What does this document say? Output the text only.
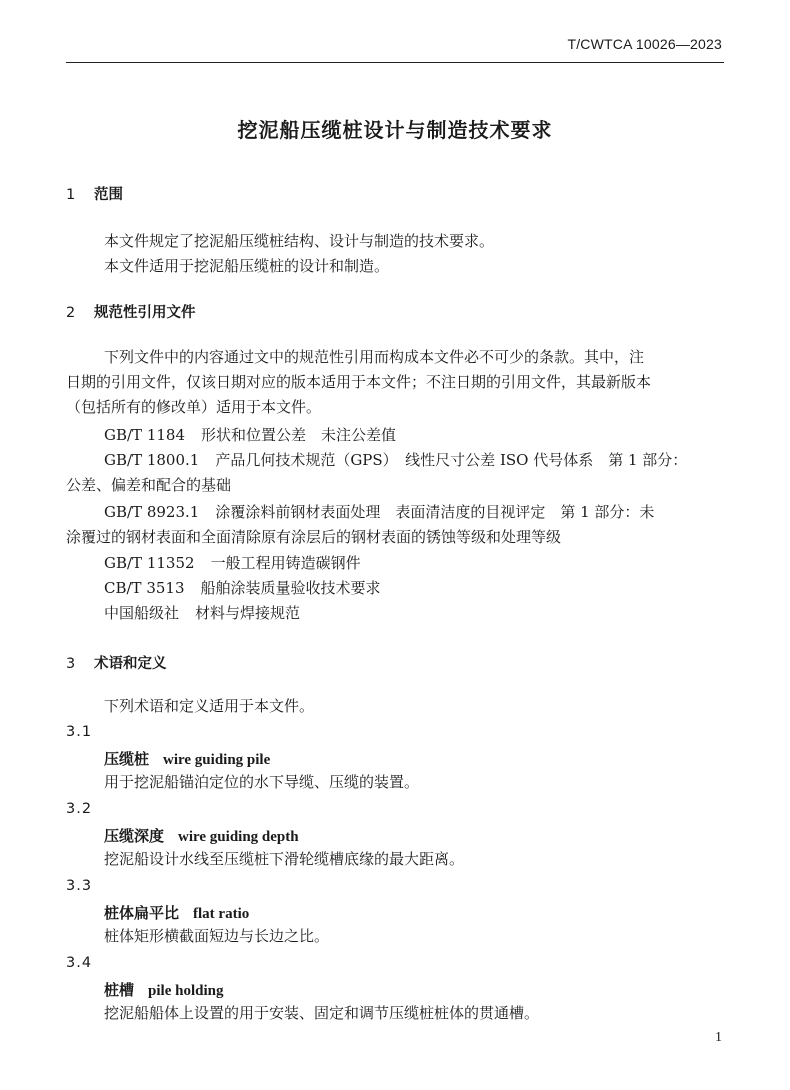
T/CWTCA 10026—2023
挖泥船压缆桩设计与制造技术要求
1 范围
本文件规定了挖泥船压缆桩结构、设计与制造的技术要求。
本文件适用于挖泥船压缆桩的设计和制造。
2 规范性引用文件
下列文件中的内容通过文中的规范性引用而构成本文件必不可少的条款。其中，注
日期的引用文件，仅该日期对应的版本适用于本文件；不注日期的引用文件，其最新版本
（包括所有的修改单）适用于本文件。
GB/T 1184 形状和位置公差　未注公差值
GB/T 1800.1 产品几何技术规范（GPS）　线性尺寸公差 ISO 代号体系　第 1 部分：
公差、偏差和配合的基础
GB/T 8923.1 涂覆涂料前钢材表面处理　表面清洁度的目视评定　第 1 部分：未
涂覆过的钢材表面和全面清除原有涂层后的钢材表面的锈蚀等级和处理等级
GB/T 11352 一般工程用铸造碳钢件
CB/T 3513 船舶涂装质量验收技术要求
中国船级社 材料与焊接规范
3 术语和定义
下列术语和定义适用于本文件。
3.1
压缆桩 wire guiding pile
用于挖泥船锚泊定位的水下导缆、压缆的装置。
3.2
压缆深度 wire guiding depth
挖泥船设计水线至压缆桩下滑轮缆槽底缘的最大距离。
3.3
桩体扁平比 flat ratio
桩体矩形横截面短边与长边之比。
3.4
桩槽 pile holding
挖泥船船体上设置的用于安装、固定和调节压缆桩桩体的贯通槽。
1
